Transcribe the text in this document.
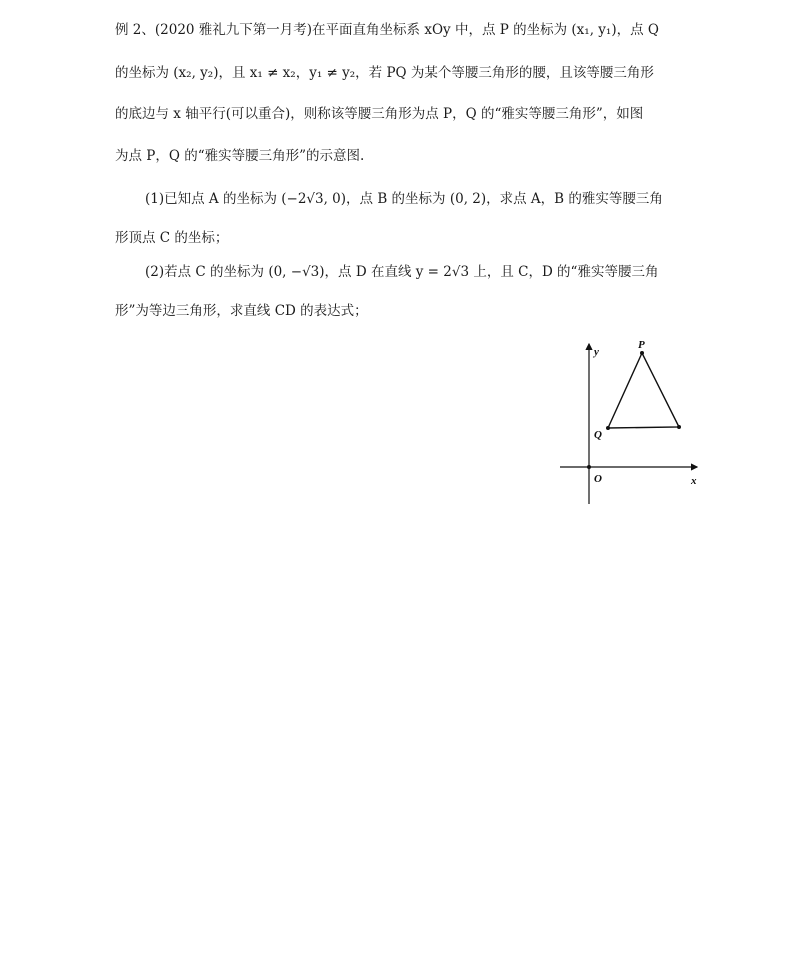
例 2、(2020 雅礼九下第一月考)在平面直角坐标系 xOy 中，点 P 的坐标为 (x₁, y₁)，点 Q
的坐标为 (x₂, y₂)，且 x₁ ≠ x₂，y₁ ≠ y₂，若 PQ 为某个等腰三角形的腰，且该等腰三角形
的底边与 x 轴平行(可以重合)，则称该等腰三角形为点 P，Q 的“雅实等腰三角形”，如图
为点 P，Q 的“雅实等腰三角形”的示意图.
(1)已知点 A 的坐标为 (−2√3, 0)，点 B 的坐标为 (0, 2)，求点 A，B 的雅实等腰三角
形顶点 C 的坐标；
(2)若点 C 的坐标为 (0, −√3)，点 D 在直线 y = 2√3 上，且 C，D 的“雅实等腰三角
形”为等边三角形，求直线 CD 的表达式；
P
Q
O
y
x
